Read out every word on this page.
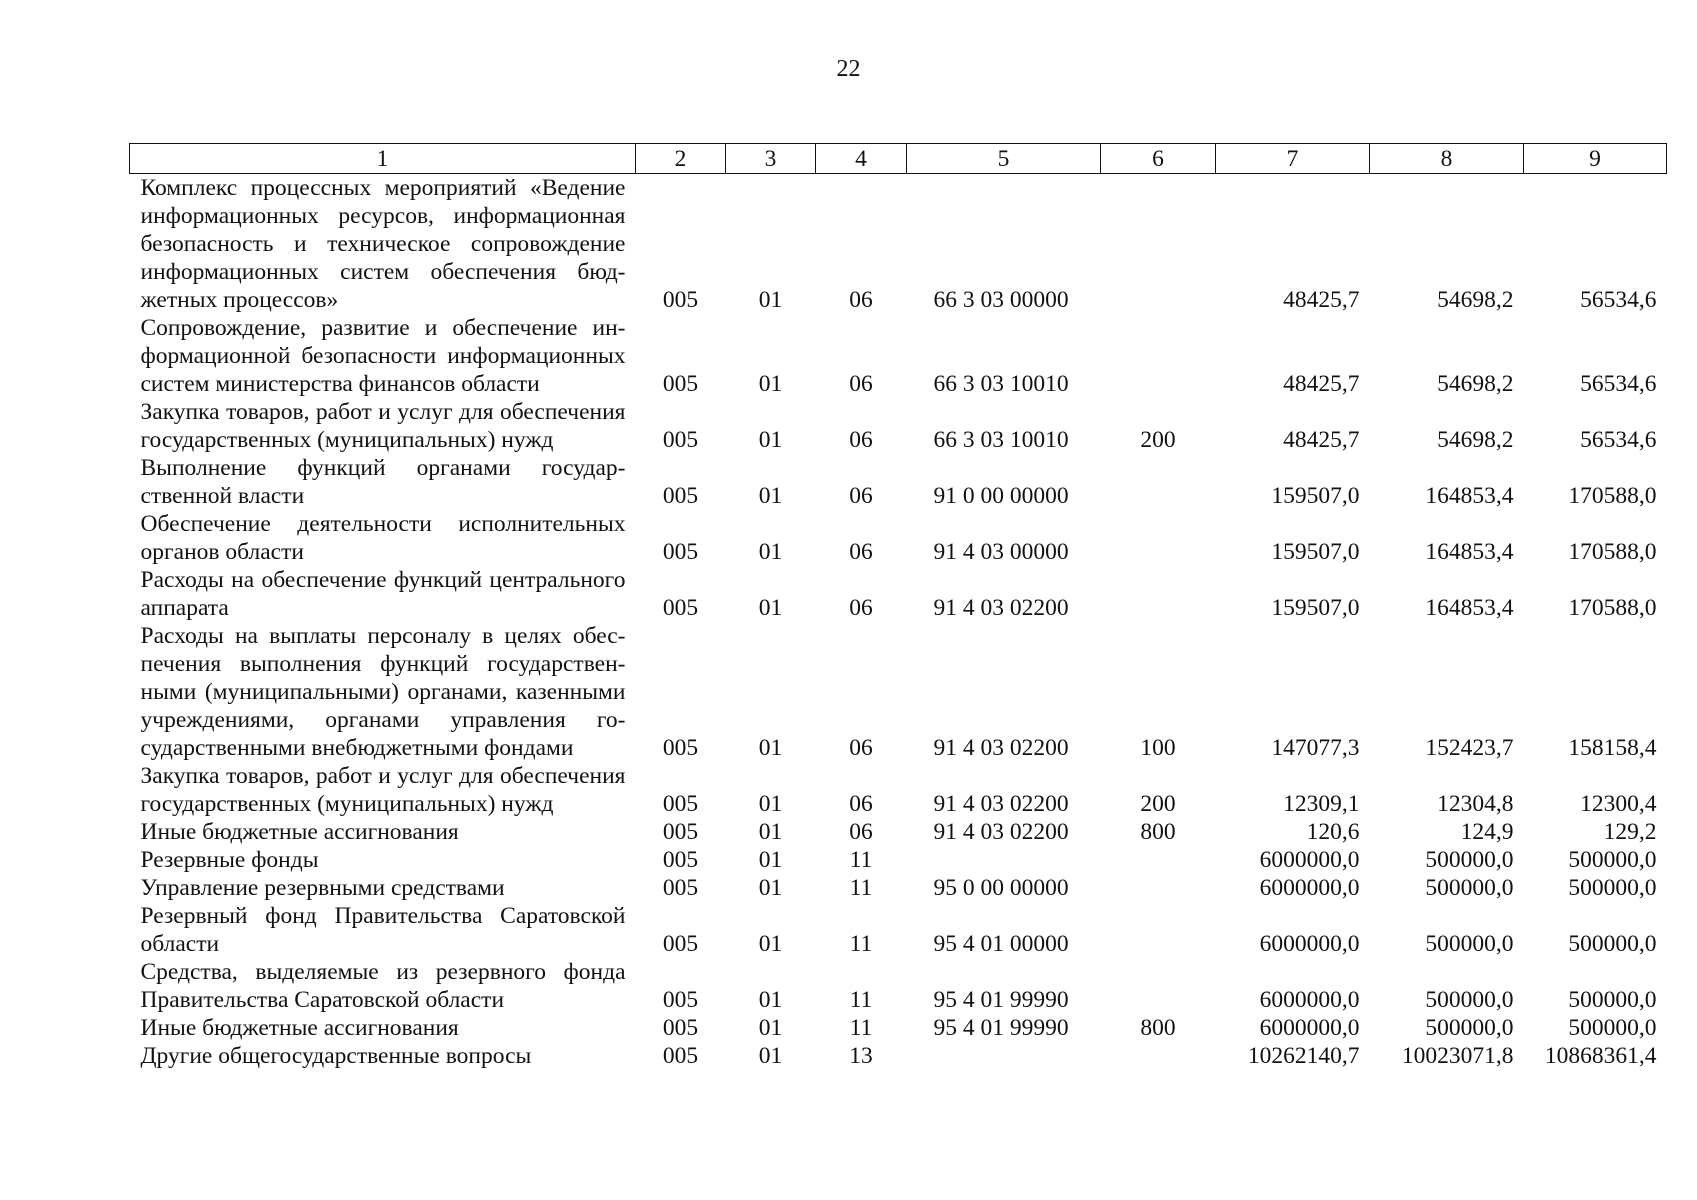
22
1	2	3	4	5	6	7	8	9
Комплекс процессных мероприятий «Ведение информационных ресурсов, информационная безопасность и техническое сопровождение информационных систем обеспечения бюджетных процессов»	005	01	06	66 3 03 00000		48425,7	54698,2	56534,6
Сопровождение, развитие и обеспечение информационной безопасности информационных систем министерства финансов области	005	01	06	66 3 03 10010		48425,7	54698,2	56534,6
Закупка товаров, работ и услуг для обеспечения государственных (муниципальных) нужд	005	01	06	66 3 03 10010	200	48425,7	54698,2	56534,6
Выполнение функций органами государственной власти	005	01	06	91 0 00 00000		159507,0	164853,4	170588,0
Обеспечение деятельности исполнительных органов области	005	01	06	91 4 03 00000		159507,0	164853,4	170588,0
Расходы на обеспечение функций центрального аппарата	005	01	06	91 4 03 02200		159507,0	164853,4	170588,0
Расходы на выплаты персоналу в целях обеспечения выполнения функций государственными (муниципальными) органами, казенными учреждениями, органами управления государственными внебюджетными фондами	005	01	06	91 4 03 02200	100	147077,3	152423,7	158158,4
Закупка товаров, работ и услуг для обеспечения государственных (муниципальных) нужд	005	01	06	91 4 03 02200	200	12309,1	12304,8	12300,4
Иные бюджетные ассигнования	005	01	06	91 4 03 02200	800	120,6	124,9	129,2
Резервные фонды	005	01	11			6000000,0	500000,0	500000,0
Управление резервными средствами	005	01	11	95 0 00 00000		6000000,0	500000,0	500000,0
Резервный фонд Правительства Саратовской области	005	01	11	95 4 01 00000		6000000,0	500000,0	500000,0
Средства, выделяемые из резервного фонда Правительства Саратовской области	005	01	11	95 4 01 99990		6000000,0	500000,0	500000,0
Иные бюджетные ассигнования	005	01	11	95 4 01 99990	800	6000000,0	500000,0	500000,0
Другие общегосударственные вопросы	005	01	13			10262140,7	10023071,8	10868361,4
